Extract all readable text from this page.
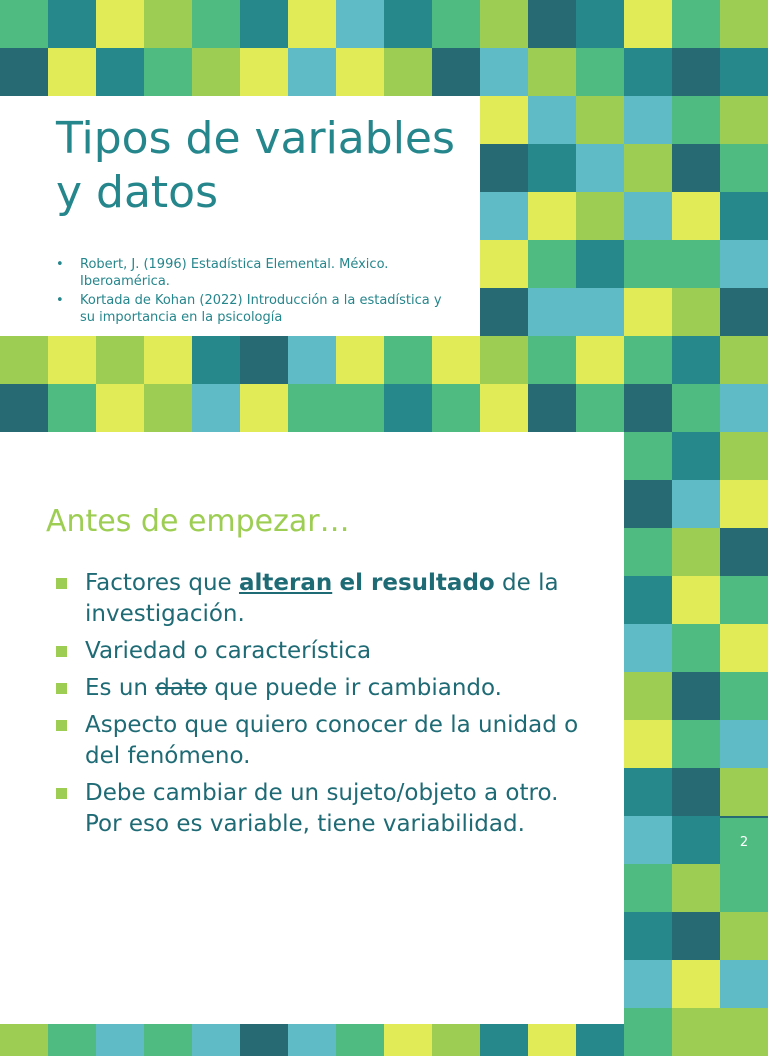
Tipos de variables y datos
• Robert, J. (1996) Estadística Elemental. México. Iberoamérica.
• Kortada de Kohan (2022) Introducción a la estadística y su importancia en la psicología
Antes de empezar…
Factores que alteran el resultado de la investigación.
Variedad o característica
Es un dato que puede ir cambiando.
Aspecto que quiero conocer de la unidad o del fenómeno.
Debe cambiar de un sujeto/objeto a otro. Por eso es variable, tiene variabilidad.
2
